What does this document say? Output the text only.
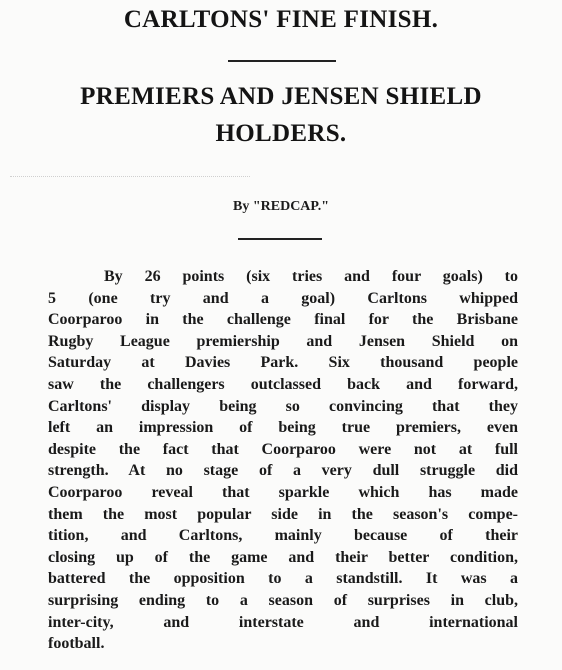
CARLTONS' FINE FINISH.
PREMIERS AND JENSEN SHIELD
HOLDERS.
By "REDCAP."
By 26 points (six tries and four goals) to
5 (one try and a goal) Carltons whipped
Coorparoo in the challenge final for the Brisbane
Rugby League premiership and Jensen Shield on
Saturday at Davies Park. Six thousand people
saw the challengers outclassed back and forward,
Carltons' display being so convincing that they
left an impression of being true premiers, even
despite the fact that Coorparoo were not at full
strength. At no stage of a very dull struggle did
Coorparoo reveal that sparkle which has made
them the most popular side in the season's compe-
tition, and Carltons, mainly because of their
closing up of the game and their better condition,
battered the opposition to a standstill. It was a
surprising ending to a season of surprises in club,
inter-city, and interstate and international
football.
